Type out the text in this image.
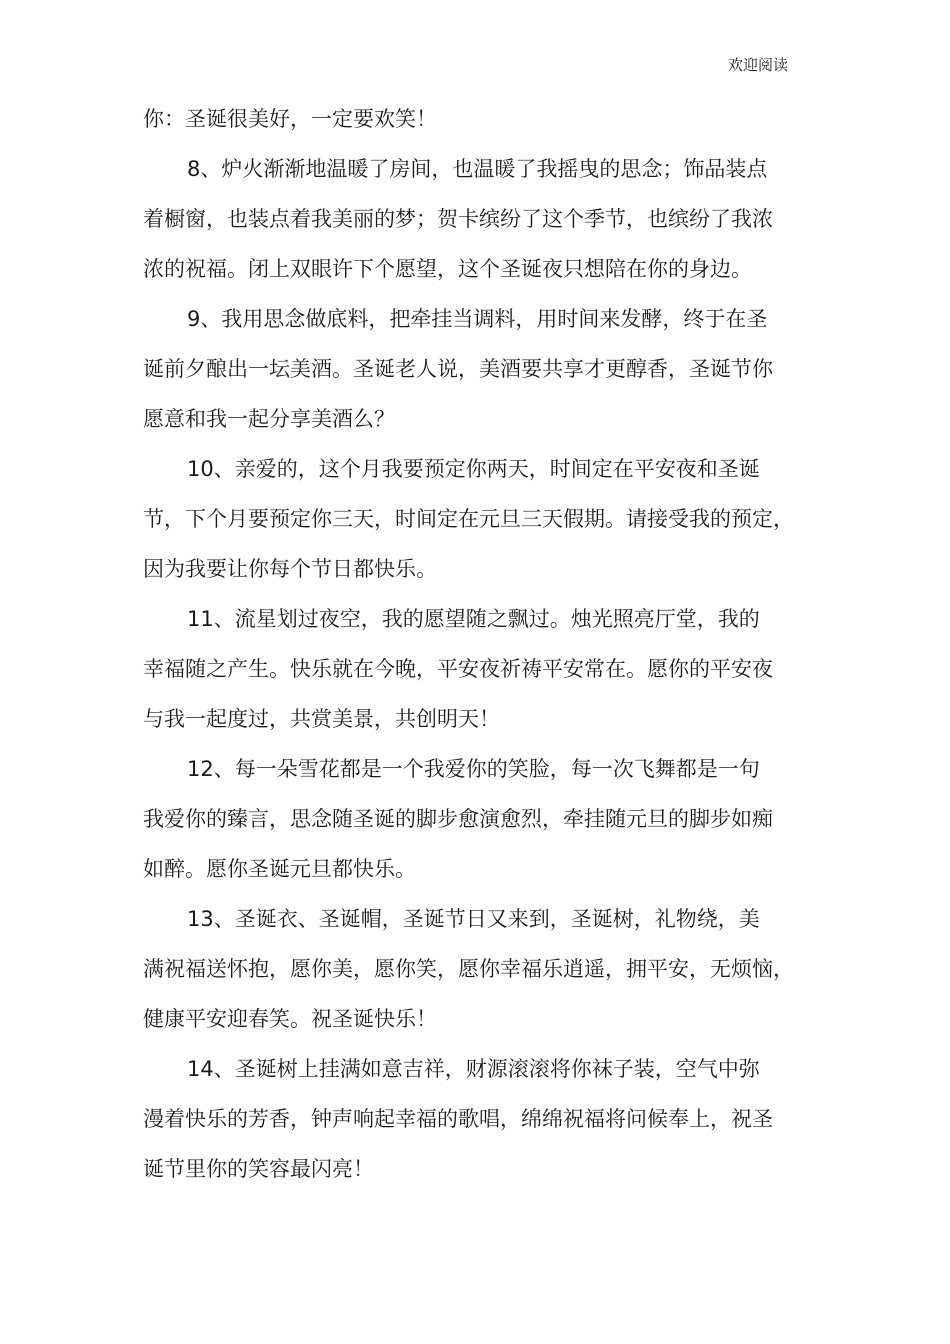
欢迎阅读
你：圣诞很美好，一定要欢笑！
8、炉火渐渐地温暖了房间，也温暖了我摇曳的思念；饰品装点
着橱窗，也装点着我美丽的梦；贺卡缤纷了这个季节，也缤纷了我浓
浓的祝福。闭上双眼许下个愿望，这个圣诞夜只想陪在你的身边。
9、我用思念做底料，把牵挂当调料，用时间来发酵，终于在圣
诞前夕酿出一坛美酒。圣诞老人说，美酒要共享才更醇香，圣诞节你
愿意和我一起分享美酒么？
10、亲爱的，这个月我要预定你两天，时间定在平安夜和圣诞
节，下个月要预定你三天，时间定在元旦三天假期。请接受我的预定，
因为我要让你每个节日都快乐。
11、流星划过夜空，我的愿望随之飘过。烛光照亮厅堂，我的
幸福随之产生。快乐就在今晚，平安夜祈祷平安常在。愿你的平安夜
与我一起度过，共赏美景，共创明天！
12、每一朵雪花都是一个我爱你的笑脸，每一次飞舞都是一句
我爱你的臻言，思念随圣诞的脚步愈演愈烈，牵挂随元旦的脚步如痴
如醉。愿你圣诞元旦都快乐。
13、圣诞衣、圣诞帽，圣诞节日又来到，圣诞树，礼物绕，美
满祝福送怀抱，愿你美，愿你笑，愿你幸福乐逍遥，拥平安，无烦恼，
健康平安迎春笑。祝圣诞快乐！
14、圣诞树上挂满如意吉祥，财源滚滚将你袜子装，空气中弥
漫着快乐的芳香，钟声响起幸福的歌唱，绵绵祝福将问候奉上，祝圣
诞节里你的笑容最闪亮！
